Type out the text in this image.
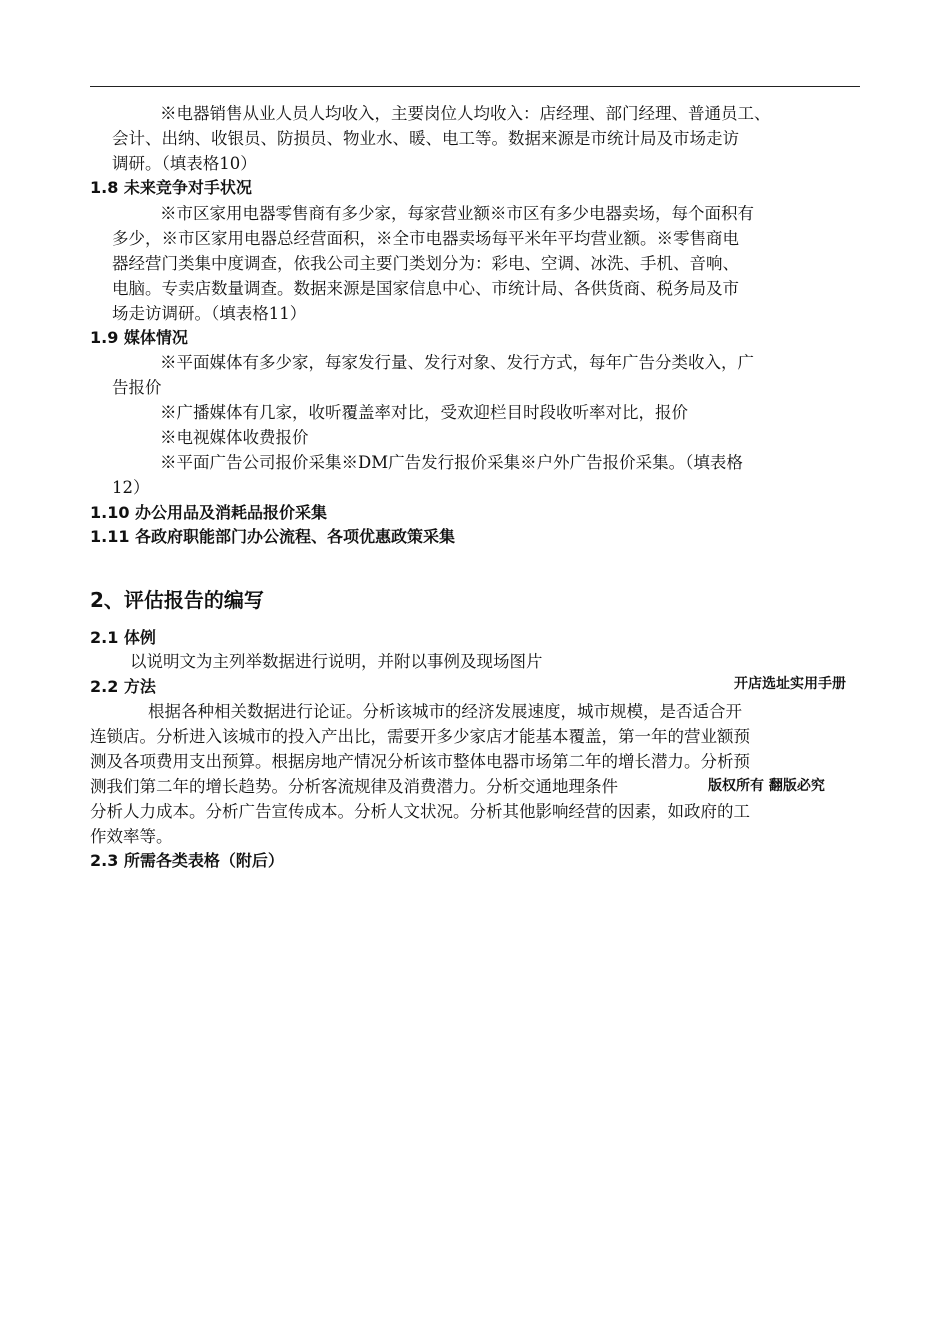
※电器销售从业人员人均收入，主要岗位人均收入：店经理、部门经理、普通员工、
会计、出纳、收银员、防损员、物业水、暖、电工等。数据来源是市统计局及市场走访
调研。（填表格10）
1.8 未来竞争对手状况
※市区家用电器零售商有多少家，每家营业额※市区有多少电器卖场，每个面积有
多少，※市区家用电器总经营面积，※全市电器卖场每平米年平均营业额。※零售商电
器经营门类集中度调查，依我公司主要门类划分为：彩电、空调、冰洗、手机、音响、
电脑。专卖店数量调查。数据来源是国家信息中心、市统计局、各供货商、税务局及市
场走访调研。（填表格11）
1.9 媒体情况
※平面媒体有多少家，每家发行量、发行对象、发行方式，每年广告分类收入，广
告报价
※广播媒体有几家，收听覆盖率对比，受欢迎栏目时段收听率对比，报价
※电视媒体收费报价
※平面广告公司报价采集※DM广告发行报价采集※户外广告报价采集。（填表格
12）
1.10 办公用品及消耗品报价采集
1.11 各政府职能部门办公流程、各项优惠政策采集
2、评估报告的编写
2.1 体例
以说明文为主列举数据进行说明，并附以事例及现场图片
2.2 方法	开店选址实用手册
根据各种相关数据进行论证。分析该城市的经济发展速度，城市规模，是否适合开
连锁店。分析进入该城市的投入产出比，需要开多少家店才能基本覆盖，第一年的营业额预
测及各项费用支出预算。根据房地产情况分析该市整体电器市场第二年的增长潜力。分析预
测我们第二年的增长趋势。分析客流规律及消费潜力。分析交通地理条件	版权所有 翻版必究
分析人力成本。分析广告宣传成本。分析人文状况。分析其他影响经营的因素，如政府的工
作效率等。
2.3 所需各类表格（附后）
